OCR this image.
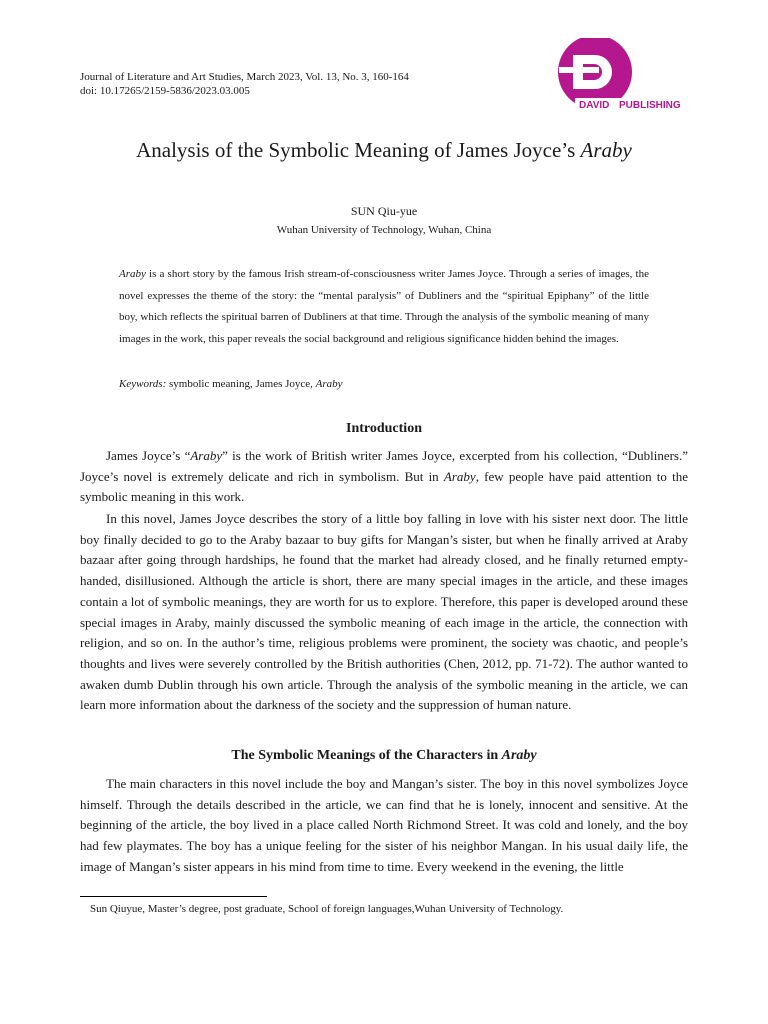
Journal of Literature and Art Studies, March 2023, Vol. 13, No. 3, 160-164
doi: 10.17265/2159-5836/2023.03.005
DAVID PUBLISHING
Analysis of the Symbolic Meaning of James Joyce’s Araby
SUN Qiu-yue
Wuhan University of Technology, Wuhan, China

Araby is a short story by the famous Irish stream-of-consciousness writer James Joyce. Through a series of images, the novel expresses the theme of the story: the “mental paralysis” of Dubliners and the “spiritual Epiphany” of the little boy, which reflects the spiritual barren of Dubliners at that time. Through the analysis of the symbolic meaning of many images in the work, this paper reveals the social background and religious significance hidden behind the images.

Keywords: symbolic meaning, James Joyce, Araby

Introduction

James Joyce’s “Araby” is the work of British writer James Joyce, excerpted from his collection, “Dubliners.” Joyce’s novel is extremely delicate and rich in symbolism. But in Araby, few people have paid attention to the symbolic meaning in this work.

In this novel, James Joyce describes the story of a little boy falling in love with his sister next door. The little boy finally decided to go to the Araby bazaar to buy gifts for Mangan’s sister, but when he finally arrived at Araby bazaar after going through hardships, he found that the market had already closed, and he finally returned empty-handed, disillusioned. Although the article is short, there are many special images in the article, and these images contain a lot of symbolic meanings, they are worth for us to explore. Therefore, this paper is developed around these special images in Araby, mainly discussed the symbolic meaning of each image in the article, the connection with religion, and so on. In the author’s time, religious problems were prominent, the society was chaotic, and people’s thoughts and lives were severely controlled by the British authorities (Chen, 2012, pp. 71-72). The author wanted to awaken dumb Dublin through his own article. Through the analysis of the symbolic meaning in the article, we can learn more information about the darkness of the society and the suppression of human nature.

The Symbolic Meanings of the Characters in Araby

The main characters in this novel include the boy and Mangan’s sister. The boy in this novel symbolizes Joyce himself. Through the details described in the article, we can find that he is lonely, innocent and sensitive. At the beginning of the article, the boy lived in a place called North Richmond Street. It was cold and lonely, and the boy had few playmates. The boy has a unique feeling for the sister of his neighbor Mangan. In his usual daily life, the image of Mangan’s sister appears in his mind from time to time. Every weekend in the evening, the little

Sun Qiuyue, Master’s degree, post graduate, School of foreign languages,Wuhan University of Technology.
